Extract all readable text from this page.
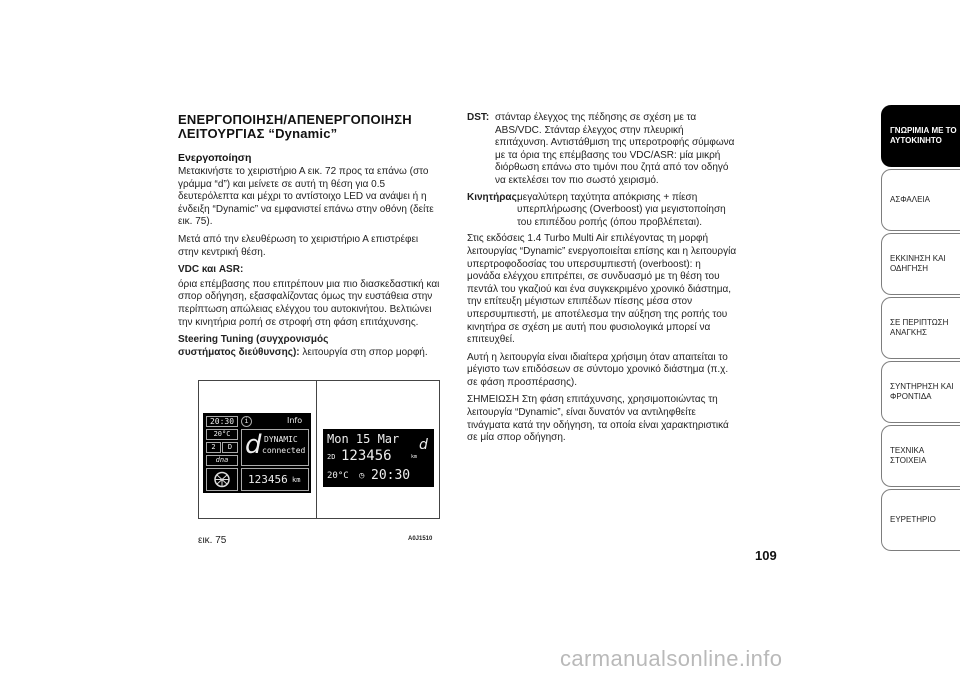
ΕΝΕΡΓΟΠΟΙΗΣΗ/ΑΠΕΝΕΡΓΟΠΟΙΗΣΗ ΛΕΙΤΟΥΡΓΙΑΣ “Dynamic”
Ενεργοποίηση

Μετακινήστε το χειριστήριο Α εικ. 72 προς τα επάνω (στο γράμμα “d”) και μείνετε σε αυτή τη θέση για 0.5 δευτερόλεπτα και μέχρι το αντίστοιχο LED να ανάψει ή η ένδειξη “Dynamic” να εμφανιστεί επάνω στην οθόνη (δείτε εικ. 75).

Μετά από την ελευθέρωση το χειριστήριο Α επιστρέφει στην κεντρική θέση.

VDC και ASR:

όρια επέμβασης που επιτρέπουν μια πιο διασκεδαστική και σπορ οδήγηση, εξασφαλίζοντας όμως την ευστάθεια στην περίπτωση απώλειας ελέγχου του αυτοκινήτου. Βελτιώνει την κινητήρια ροπή σε στροφή στη φάση επιτάχυνσης.

Steering Tuning (συγχρονισμός

συστήματος διεύθυνσης): λειτουργία στη σπορ μορφή.

DST: στάνταρ έλεγχος της πέδησης σε σχέση με τα ABS/VDC. Στάνταρ έλεγχος στην πλευρική επιτάχυνση. Αντιστάθμιση της υπεροτροφής σύμφωνα με τα όρια της επέμβασης του VDC/ASR: μία μικρή διόρθωση επάνω στο τιμόνι που ζητά από τον οδηγό να εκτελέσει τον πιο σωστό χειρισμό.
Κινητήρας:
μεγαλύτερη ταχύτητα απόκρισης + πίεση υπερπλήρωσης (Overboost) για μεγιστοποίηση του επιπέδου ροπής (όπου προβλέπεται).

Στις εκδόσεις 1.4 Turbo Multi Air επιλέγοντας τη μορφή λειτουργίας “Dynamic” ενεργοποιείται επίσης και η λειτουργία υπερτροφοδοσίας του υπερσυμπιεστή (overboost): η μονάδα ελέγχου επιτρέπει, σε συνδυασμό με τη θέση του πεντάλ του γκαζιού και ένα συγκεκριμένο χρονικό διάστημα, την επίτευξη μέγιστων επιπέδων πίεσης μέσα στον υπερσυμπιεστή, με αποτέλεσμα την αύξηση της ροπής του κινητήρα σε σχέση με αυτή που φυσιολογικά μπορεί να επιτευχθεί.

Αυτή η λειτουργία είναι ιδιαίτερα χρήσιμη όταν απαιτείται το μέγιστο των επιδόσεων σε σύντομο χρονικό διάστημα (π.χ. σε φάση προσπέρασης).

ΣΗΜΕΙΩΣΗ Στη φάση επιτάχυνσης, χρησιμοποιώντας τη λειτουργία “Dynamic”, είναι δυνατόν να αντιληφθείτε τινάγματα κατά την οδήγηση, τα οποία είναι χαρακτηριστικά σε μία σπορ οδήγηση.

20:30	i	Info
20°C
2	D
dna d DYNAMIC
connected
123456 km
Mon 15 Mar d
2D 123456	km
20°C ◷ 20:30
εικ. 75	A0J1510
ΓΝΩΡΙΜΙΑ ΜΕ ΤΟ
ΑΥΤΟΚΙΝΗΤΟ
ΑΣΦΑΛΕΙΑ
ΕΚΚΙΝΗΣΗ ΚΑΙ
ΟΔΗΓΗΣΗ
ΣΕ ΠΕΡΙΠΤΩΣΗ
ΑΝΑΓΚΗΣ
ΣΥΝΤΗΡΗΣΗ ΚΑΙ
ΦΡΟΝΤΙΔΑ
ΤΕΧΝΙΚΑ ΣΤΟΙΧΕΙΑ
ΕΥΡΕΤΗΡΙΟ
109
carmanualsonline.info
